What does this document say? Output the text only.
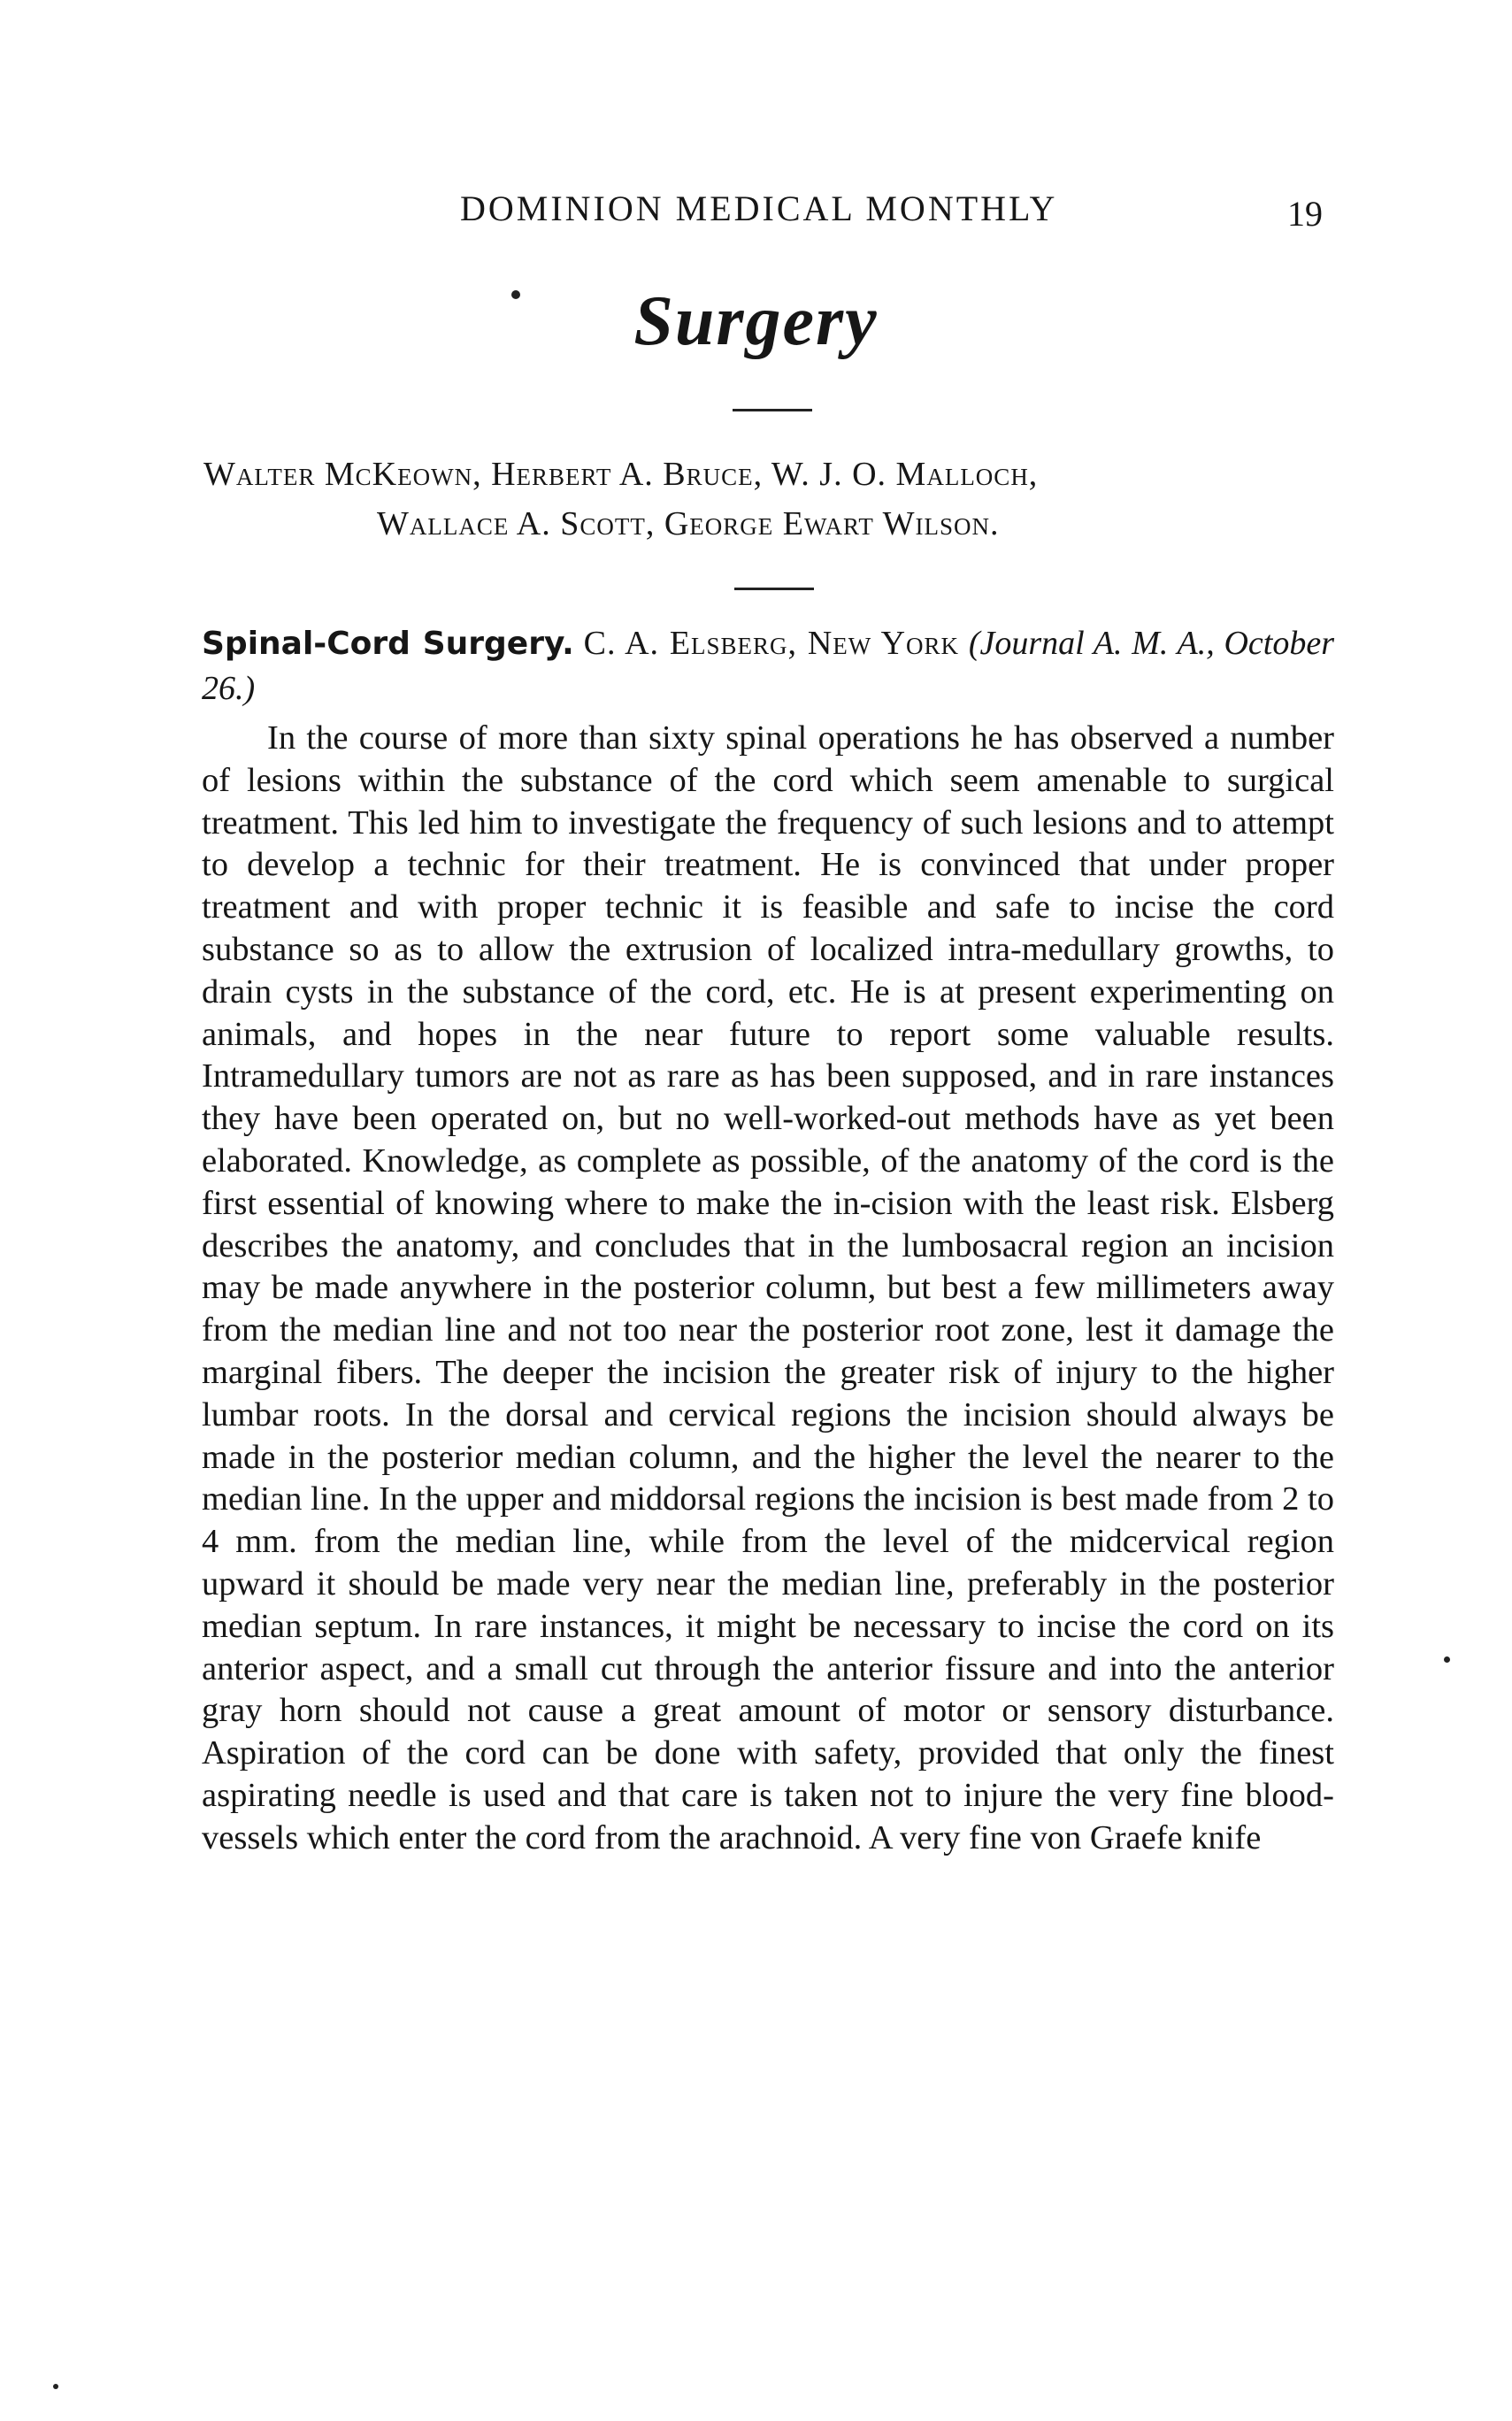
DOMINION MEDICAL MONTHLY	19
Surgery
Walter McKeown, Herbert A. Bruce, W. J. O. Malloch,
Wallace A. Scott, George Ewart Wilson.
Spinal-Cord Surgery. C. A. Elsberg, New York (Journal A. M. A., October 26.)
In the course of more than sixty spinal operations he has observed a number of lesions within the substance of the cord which seem amenable to surgical treatment. This led him to investigate the frequency of such lesions and to attempt to develop a technic for their treatment. He is convinced that under proper treatment and with proper technic it is feasible and safe to incise the cord substance so as to allow the extrusion of localized intra-medullary growths, to drain cysts in the substance of the cord, etc. He is at present experimenting on animals, and hopes in the near future to report some valuable results. Intramedullary tumors are not as rare as has been supposed, and in rare instances they have been operated on, but no well-worked-out methods have as yet been elaborated. Knowledge, as complete as possible, of the anatomy of the cord is the first essential of knowing where to make the in-cision with the least risk. Elsberg describes the anatomy, and concludes that in the lumbosacral region an incision may be made anywhere in the posterior column, but best a few millimeters away from the median line and not too near the posterior root zone, lest it damage the marginal fibers. The deeper the incision the greater risk of injury to the higher lumbar roots. In the dorsal and cervical regions the incision should always be made in the posterior median column, and the higher the level the nearer to the median line. In the upper and middorsal regions the incision is best made from 2 to 4 mm. from the median line, while from the level of the midcervical region upward it should be made very near the median line, preferably in the posterior median septum. In rare instances, it might be necessary to incise the cord on its anterior aspect, and a small cut through the anterior fissure and into the anterior gray horn should not cause a great amount of motor or sensory disturbance. Aspiration of the cord can be done with safety, provided that only the finest aspirating needle is used and that care is taken not to injure the very fine blood-vessels which enter the cord from the arachnoid. A very fine von Graefe knife
